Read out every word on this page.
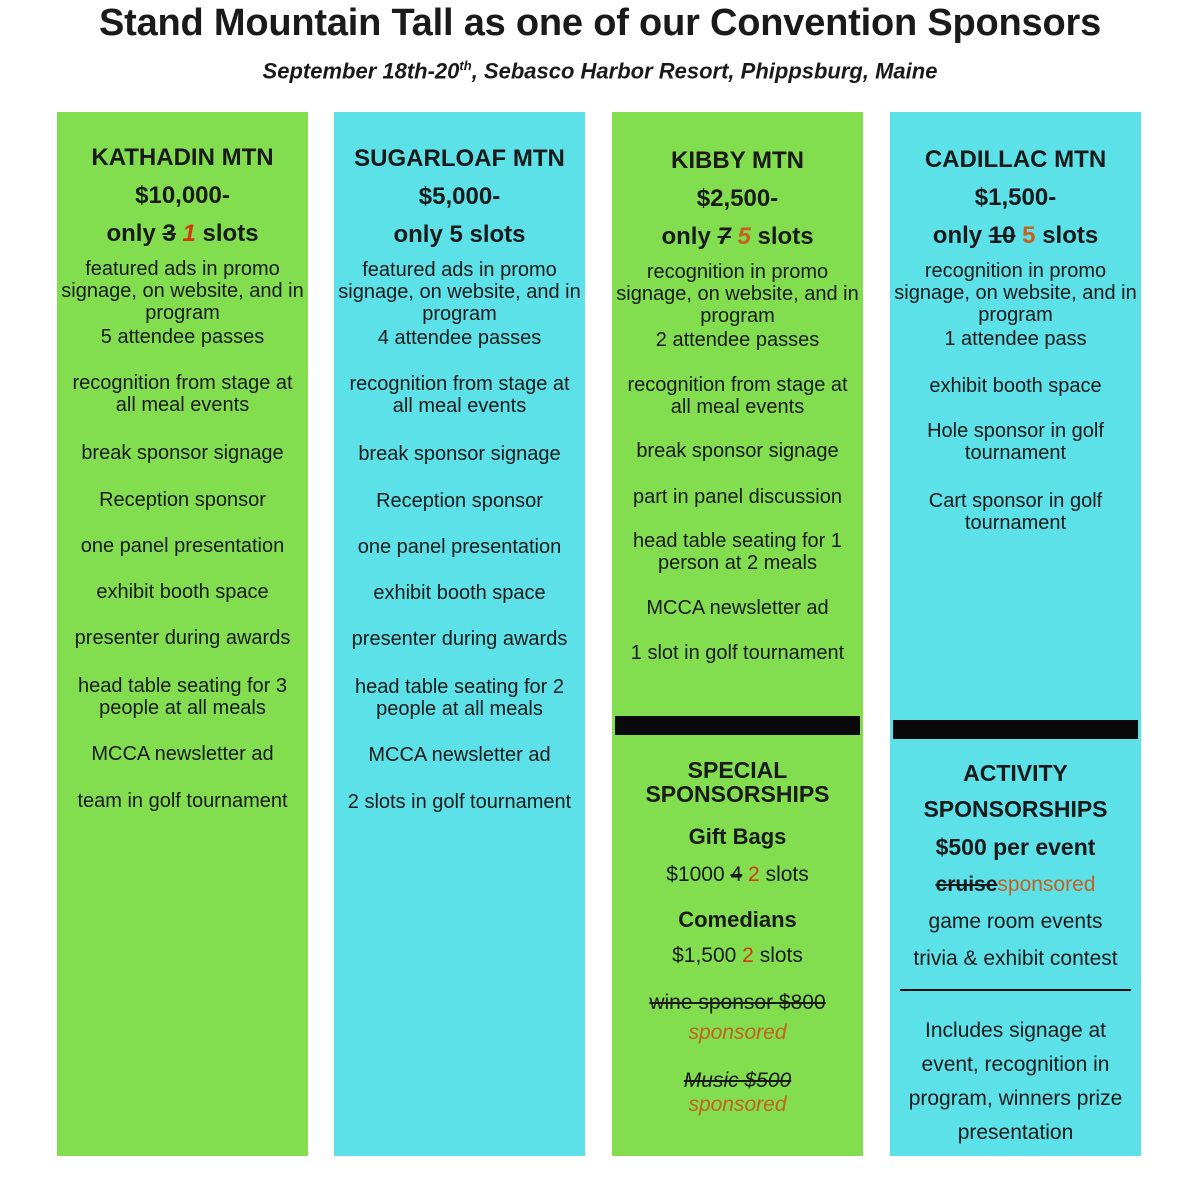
Stand Mountain Tall as one of our Convention Sponsors
September 18th-20th, Sebasco Harbor Resort, Phippsburg, Maine
KATHADIN MTN
$10,000-
only 3 1 slots
featured ads in promo signage, on website, and in program
5 attendee passes
recognition from stage at all meal events
break sponsor signage
Reception sponsor
one panel presentation
exhibit booth space
presenter during awards
head table seating for 3 people at all meals
MCCA newsletter ad
team in golf tournament
SUGARLOAF MTN
$5,000-
only 5 slots
featured ads in promo signage, on website, and in program
4 attendee passes
recognition from stage at all meal events
break sponsor signage
Reception sponsor
one panel presentation
exhibit booth space
presenter during awards
head table seating for 2 people at all meals
MCCA newsletter ad
2 slots in golf tournament
KIBBY MTN
$2,500-
only 7 5 slots
recognition in promo signage, on website, and in program
2 attendee passes
recognition from stage at all meal events
break sponsor signage
part in panel discussion
head table seating for 1 person at 2 meals
MCCA newsletter ad
1 slot in golf tournament
SPECIAL
SPONSORSHIPS
Gift Bags
$1000 4 2 slots
Comedians
$1,500 2 slots
wine sponsor $800
sponsored
Music $500
sponsored
CADILLAC MTN
$1,500-
only 10 5 slots
recognition in promo signage, on website, and in program
1 attendee pass
exhibit booth space
Hole sponsor in golf tournament
Cart sponsor in golf tournament
ACTIVITY
SPONSORSHIPS
$500 per event
cruisesponsored
game room events
trivia & exhibit contest
Includes signage at
event, recognition in
program, winners prize
presentation
